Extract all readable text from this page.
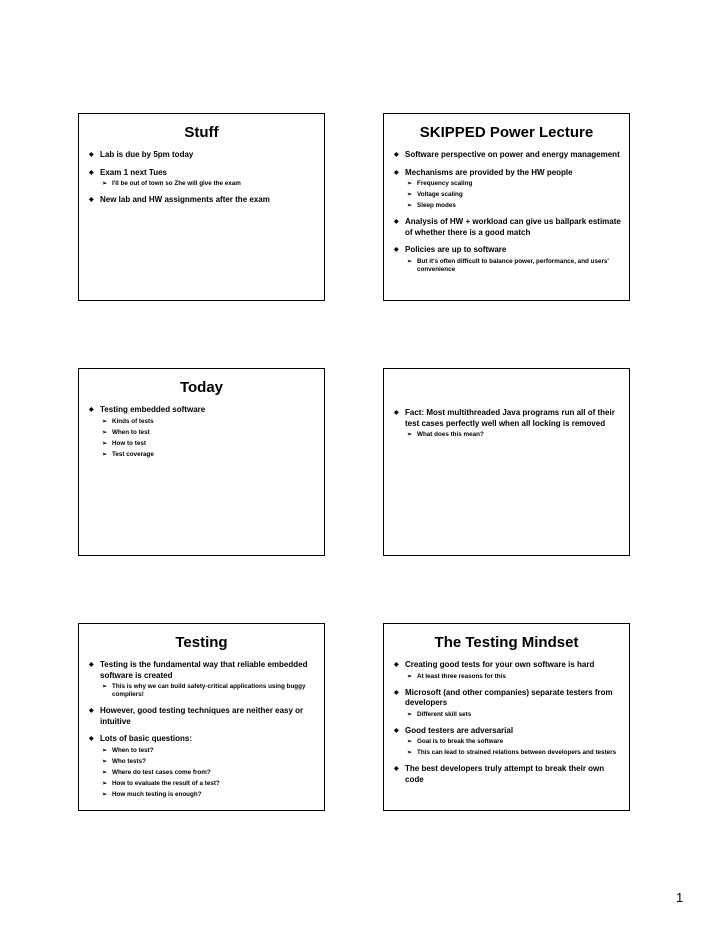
Stuff
◆ Lab is due by 5pm today
◆ Exam 1 next Tues
➢ I'll be out of town so Zhe will give the exam
◆ New lab and HW assignments after the exam
SKIPPED Power Lecture
◆ Software perspective on power and energy management
◆ Mechanisms are provided by the HW people
➢ Frequency scaling
➢ Voltage scaling
➢ Sleep modes
◆ Analysis of HW + workload can give us ballpark estimate of whether there is a good match
◆ Policies are up to software
➢ But it's often difficult to balance power, performance, and users' convenience
Today
◆ Testing embedded software
➢ Kinds of tests
➢ When to test
➢ How to test
➢ Test coverage
◆ Fact: Most multithreaded Java programs run all of their test cases perfectly well when all locking is removed
➢ What does this mean?
Testing
◆ Testing is the fundamental way that reliable embedded software is created
➢ This is why we can build safety-critical applications using buggy compilers!
◆ However, good testing techniques are neither easy or intuitive
◆ Lots of basic questions:
➢ When to test?
➢ Who tests?
➢ Where do test cases come from?
➢ How to evaluate the result of a test?
➢ How much testing is enough?
The Testing Mindset
◆ Creating good tests for your own software is hard
➢ At least three reasons for this
◆ Microsoft (and other companies) separate testers from developers
➢ Different skill sets
◆ Good testers are adversarial
➢ Goal is to break the software
➢ This can lead to strained relations between developers and testers
◆ The best developers truly attempt to break their own code
1
